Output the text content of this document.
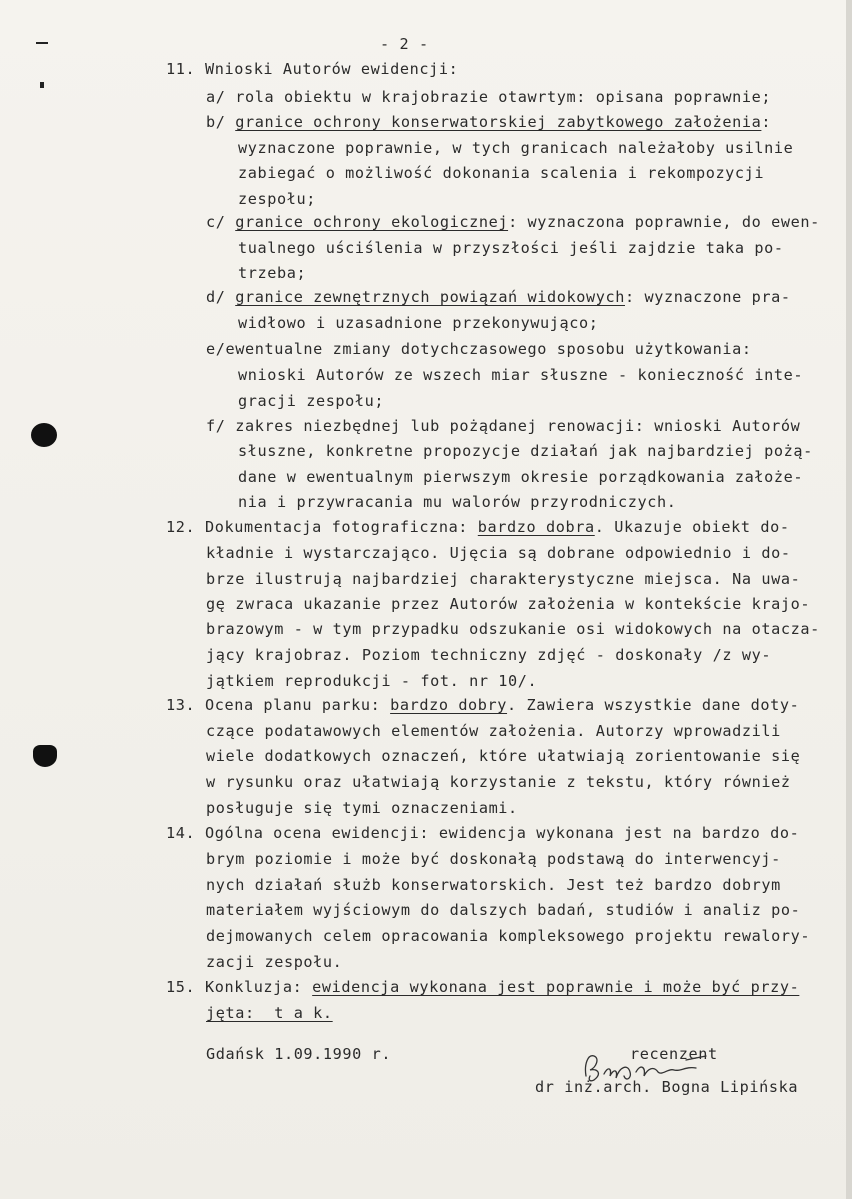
- 2 -
11. Wnioski Autorów ewidencji:
a/ rola obiektu w krajobrazie otawrtym: opisana poprawnie;
b/ granice ochrony konserwatorskiej zabytkowego założenia:
wyznaczone poprawnie, w tych granicach należałoby usilnie
zabiegać o możliwość dokonania scalenia i rekompozycji
zespołu;
c/ granice ochrony ekologicznej: wyznaczona poprawnie, do ewen-
tualnego uściślenia w przyszłości jeśli zajdzie taka po-
trzeba;
d/ granice zewnętrznych powiązań widokowych: wyznaczone pra-
widłowo i uzasadnione przekonywująco;
e/ewentualne zmiany dotychczasowego sposobu użytkowania:
wnioski Autorów ze wszech miar słuszne - konieczność inte-
gracji zespołu;
f/ zakres niezbędnej lub pożądanej renowacji: wnioski Autorów
słuszne, konkretne propozycje działań jak najbardziej pożą-
dane w ewentualnym pierwszym okresie porządkowania założe-
nia i przywracania mu walorów przyrodniczych.
12. Dokumentacja fotograficzna: bardzo dobra. Ukazuje obiekt do-
kładnie i wystarczająco. Ujęcia są dobrane odpowiednio i do-
brze ilustrują najbardziej charakterystyczne miejsca. Na uwa-
gę zwraca ukazanie przez Autorów założenia w kontekście krajo-
brazowym - w tym przypadku odszukanie osi widokowych na otacza-
jący krajobraz. Poziom techniczny zdjęć - doskonały /z wy-
jątkiem reprodukcji - fot. nr 10/.
13. Ocena planu parku: bardzo dobry. Zawiera wszystkie dane doty-
czące podatawowych elementów założenia. Autorzy wprowadzili
wiele dodatkowych oznaczeń, które ułatwiają zorientowanie się
w rysunku oraz ułatwiają korzystanie z tekstu, który również
posługuje się tymi oznaczeniami.
14. Ogólna ocena ewidencji: ewidencja wykonana jest na bardzo do-
brym poziomie i może być doskonałą podstawą do interwencyj-
nych działań służb konserwatorskich. Jest też bardzo dobrym
materiałem wyjściowym do dalszych badań, studiów i analiz po-
dejmowanych celem opracowania kompleksowego projektu rewalory-
zacji zespołu.
15. Konkluzja: ewidencja wykonana jest poprawnie i może być przy-
jęta:  t a k.
Gdańsk 1.09.1990 r.	recenzent
dr inż.arch. Bogna Lipińska
